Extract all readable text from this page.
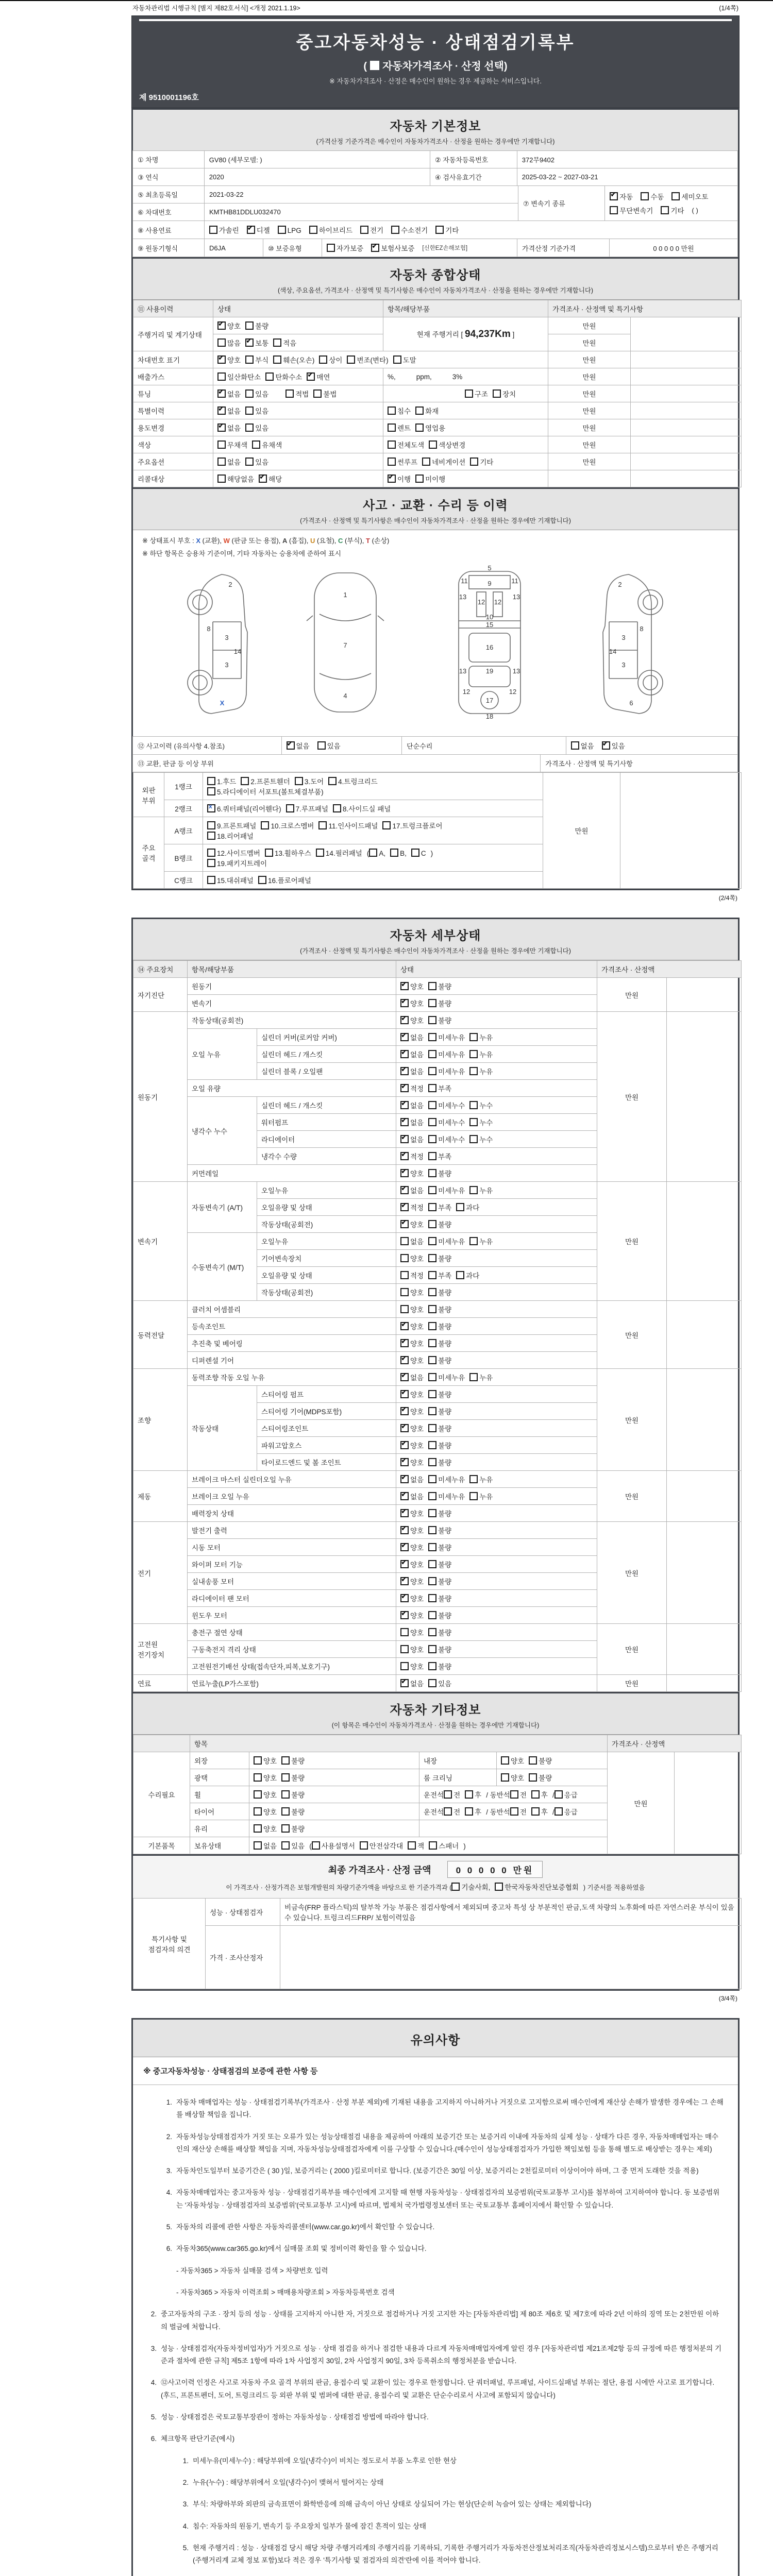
자동차관리법 시행규칙 [별지 제82호서식] <개정 2021.1.19>	(1/4쪽)
중고자동차성능 · 상태점검기록부
( 자동차가격조사 · 산정 선택)
※ 자동차가격조사 · 산정은 매수인이 원하는 경우 제공하는 서비스입니다.
제 9510001196호
자동차 기본정보
(가격산정 기준가격은 매수인이 자동차가격조사 · 산정을 원하는 경우에만 기재합니다)
① 차명	GV80 (세부모델: )	② 자동차등록번호	372무9402
③ 연식	2020	④ 검사유효기간	2025-03-22 ~ 2027-03-21
⑤ 최초등록일	2021-03-22
⑥ 차대번호	KMTHB81DDLU032470
⑦ 변속기 종류
✔자동	수동	세미오토

무단변속기	기타 ( )
⑧ 사용연료	가솔린 ✔	디젤	LPG	하이브리드	전기	수소전기	기타
⑨ 원동기형식	D6JA	⑩ 보증유형	자가보증 ✔	보험사보증 [신한EZ손해보험]	가격산정 기준가격	0 0 0 0 0 만원
자동차 종합상태
(색상, 주요옵션, 가격조사 · 산정액 및 특기사항은 매수인이 자동차가격조사 · 산정을 원하는 경우에만 기재합니다)
⑪ 사용이력	상태	항목/해당부품	가격조사 · 산정액 및 특기사항	
주행거리 및 계기상태	✔양호 불량	현재 주행거리 [ 94,237Km ]	만원	
	많음 ✔ 보통 적음		만원	
차대번호 표기	✔양호 부식 훼손(오손) 상이 변조(변타) 도말		만원	
배출가스	일산화탄소 탄화수소 ✔ 매연	%, ppm, 3%	만원	
튜닝	✔없음 있음 적법 불법	구조 장치	만원	
특별이력	✔없음 있음	침수 화재	만원	
용도변경	✔없음 있음	렌트 영업용	만원	
색상	무채색 유채색	전체도색 색상변경	만원	
주요옵션	없음 있음	썬루프 네비게이션 기타	만원	
리콜대상	해당없음 ✔ 해당	✔이행 미이행		
사고 · 교환 · 수리 등 이력
(가격조사 · 산정액 및 특기사항은 매수인이 자동차가격조사 · 산정을 원하는 경우에만 기재합니다)
※ 상태표시 부호 : X (교환), W (판금 또는 용접), A (흠집), U (요철), C (부식), T (손상)
※ 하단 항목은 승용차 기준이며, 기타 자동차는 승용차에 준하여 표시
2
8
3
14
3
X
1
7
4
5
11	9	11
13
12 12
13
10
15
16
13	19	13
12
17
12
18
2
3
8
14
3
6
⑫ 사고이력 (유의사항 4.참조) ✔	없음	있음	단순수리	없음 ✔	있음
⑬ 교환, 판금 등 이상 부위	가격조사 · 산정액 및 특기사항
외판
부위	1랭크	1.후드 2.프론트휀더 3.도어 4.트렁크리드
5.라디에이터 서포트(볼트체결부품)	만원	
	2랭크	x6.쿼터패널(리어휀다) 7.루프패널 8.사이드실 패널
주요
골격	A랭크	9.프론트패널 10.크로스멤버 11.인사이드패널 17.트렁크플로어
18.리어패널		
	B랭크	12.사이드멤버 13.휠하우스 14.필러패널 ( A, B, C )
19.패키지트레이		
	C랭크	15.대쉬패널 16.플로어패널		
(2/4쪽)
자동차 세부상태
(가격조사 · 산정액 및 특기사항은 매수인이 자동차가격조사 · 산정을 원하는 경우에만 기재합니다)
⑭ 주요장치	항목/해당부품		상태	가격조사 · 산정액	
자기진단	원동기	✔양호 불량	만원	
	변속기	✔양호 불량
원동기	작동상태(공회전)	✔양호 불량	만원	
	오일 누유	실린더 커버(로커암 커버)	✔없음 미세누유 누유
		실린더 헤드 / 개스킷	✔없음 미세누유 누유
		실린더 블록 / 오일팬	✔없음 미세누유 누유
	오일 유량	✔적정 부족
	냉각수 누수	실린더 헤드 / 개스킷	✔없음 미세누수 누수
		워터펌프	✔없음 미세누수 누수
		라디에이터	✔없음 미세누수 누수
		냉각수 수량	✔적정 부족
	커먼레일	✔양호 불량
변속기	자동변속기 (A/T)	오일누유	✔없음 미세누유 누유	만원	
		오일유량 및 상태	✔적정 부족 과다
		작동상태(공회전)	✔양호 불량
	수동변속기 (M/T)	오일누유	없음 미세누유 누유		
		기어변속장치	양호 불량		
		오일유량 및 상태	적정 부족 과다		
		작동상태(공회전)	양호 불량		
동력전달	클러치 어셈블리		양호 불량	만원	
	등속조인트	✔양호 불량
	추진축 및 베어링	✔양호 불량
	디퍼렌셜 기어	✔양호 불량
조향	동력조향 작동 오일 누유	✔없음 미세누유 누유	만원	
	작동상태	스티어링 펌프	✔양호 불량
		스티어링 기어(MDPS포함)	✔양호 불량
		스티어링조인트	✔양호 불량
		파워고압호스	✔양호 불량
		타이로드엔드 및 볼 조인트	✔양호 불량
제동	브레이크 마스터 실린더오일 누유	✔없음 미세누유 누유	만원	
	브레이크 오일 누유	✔없음 미세누유 누유
	배력장치 상태	✔양호 불량
전기	발전기 출력	✔양호 불량	만원	
	시동 모터	✔양호 불량
	와이퍼 모터 기능	✔양호 불량
	실내송풍 모터	✔양호 불량
	라디에이터 팬 모터	✔양호 불량
	윈도우 모터	✔양호 불량
고전원 전기장치	충전구 절연 상태		양호 불량	만원	
	구동축전지 격리 상태		양호 불량		
	고전원전기배선 상태(접속단자,피복,보호기구)		양호 불량		
연료	연료누출(LP가스포함)	✔없음 있음	만원	
자동차 기타정보
(이 항목은 매수인이 자동차가격조사 · 산정을 원하는 경우에만 기재합니다)
	항목				가격조사 · 산정액	
수리필요	외장	양호 불량	내장	양호 불량	만원	
	광택	양호 불량	룸 크리닝	양호 불량		
	휠	양호 불량	운전석 전 후 / 동반석 전 후 / 응급			
	타이어	양호 불량	운전석 전 후 / 동반석 전 후 / 응급			
	유리	양호 불량				
기본품목	보유상태	없음 있음 ( 사용설명서 안전삼각대 잭 스패너 )				
최종 가격조사 · 산정 금액	0 0 0 0 0 만원
이 가격조사 · 산정가격은 보험개발원의 차량기준가액을 바탕으로 한 기준가격과 ( 기술사회, 한국자동차진단보증협회 ) 기준서를 적용하였음
특기사항 및 점검자의 의견	성능 · 상태점검자	비금속(FRP 플라스틱)의 탈부착 가능 부품은 점검사항에서 제외되며 중고차 특성 상 부분적인 판금,도색 차량의 노후화에 따른 자연스러운 부식이 있을 수 있습니다. 트렁크리드FRP/ 보험이력있음
	가격 · 조사산정자	
(3/4쪽)
유의사항
※ 중고자동차성능 · 상태점검의 보증에 관한 사항 등
1. 자동차 매매업자는 성능 · 상태점검기록부(가격조사 · 산정 부분 제외)에 기재된 내용을 고지하지 아니하거나 거짓으로 고지함으로써 매수인에게 재산상 손해가 발생한 경우에는 그 손해를 배상할 책임을 집니다.
2. 자동차성능상태점검자가 거짓 또는 오류가 있는 성능상태점검 내용을 제공하여 아래의 보증기간 또는 보증거리 이내에 자동차의 실제 성능 · 상태가 다른 경우, 자동차매매업자는 매수인의 재산상 손해를 배상할 책임을 지며, 자동차성능상태점검자에게 이를 구상할 수 있습니다.(매수인이 성능상태점검자가 가입한 책임보험 등을 통해 별도로 배상받는 경우는 제외)
3. 자동차인도일부터 보증기간은 ( 30 )일, 보증거리는 ( 2000 )킬로미터로 합니다. (보증기간은 30일 이상, 보증거리는 2천킬로미터 이상이어야 하며, 그 중 먼저 도래한 것을 적용)
4. 자동차매매업자는 중고자동차 성능 · 상태점검기록부를 매수인에게 고지할 때 현행 자동차성능 · 상태점검자의 보증범위(국토교통부 고시)를 첨부하여 고지하여야 합니다. 동 보증범위는 '자동차성능 · 상태점검자의 보증범위'(국토교통부 고시)에 따르며, 법제처 국가법령정보센터 또는 국토교통부 홈페이지에서 확인할 수 있습니다.
5. 자동차의 리콜에 관한 사항은 자동차리콜센터(www.car.go.kr)에서 확인할 수 있습니다.
6. 자동차365(www.car365.go.kr)에서 실매물 조회 및 정비이력 확인을 할 수 있습니다.
- 자동차365 > 자동차 실매물 검색 > 차량번호 입력
- 자동차365 > 자동차 이력조회 > 매매용차량조회 > 자동차등록번호 검색
2. 중고자동차의 구조 · 장치 등의 성능 · 상태를 고지하지 아니한 자, 거짓으로 점검하거나 거짓 고지한 자는 [자동차관리법] 제 80조 제6호 및 제7호에 따라 2년 이하의 징역 또는 2천만원 이하의 벌금에 처합니다.
3. 성능 · 상태점검자(자동차정비업자)가 거짓으로 성능 · 상태 점검을 하거나 점검한 내용과 다르게 자동차매매업자에게 알린 경우 [자동차관리법 제21조제2항 등의 규정에 따른 행정처분의 기준과 절차에 관한 규칙] 제5조 1항에 따라 1차 사업정지 30일, 2차 사업정지 90일, 3차 등록취소의 행정처분을 받습니다.
4. ⑫사고이력 인정은 사고로 자동차 주요 골격 부위의 판금, 용접수리 및 교환이 있는 경우로 한정합니다. 단 쿼터패널, 루프패널, 사이드실패널 부위는 절단, 용접 시에만 사고로 표기합니다. (후드, 프론트펜더, 도어, 트렁크리드 등 외판 부위 및 범퍼에 대한 판금, 용접수리 및 교환은 단순수리로서 사고에 포함되지 않습니다)
5. 성능 · 상태점검은 국토교통부장관이 정하는 자동차성능 · 상태점검 방법에 따라야 합니다.
6. 체크항목 판단기준(예시)
1. 미세누유(미세누수) : 해당부위에 오일(냉각수)이 비치는 정도로서 부품 노후로 인한 현상
2. 누유(누수) : 해당부위에서 오일(냉각수)이 맺혀서 떨어지는 상태
3. 부식: 차량하부와 외판의 금속표면이 화학반응에 의해 금속이 아닌 상태로 상실되어 가는 현상(단순히 녹슬어 있는 상태는 제외합니다)
4. 침수: 자동차의 원동기, 변속기 등 주요장치 일부가 물에 잠긴 흔적이 있는 상태
5. 현재 주행거리 : 성능 · 상태점검 당시 해당 차량 주행거리계의 주행거리를 기록하되, 기록한 주행거리가 자동차전산정보처리조직(자동차관리정보시스템)으로부터 받은 주행거리(주행거리계 교체 정보 포함)보다 적은 경우 '특기사항 및 점검자의 의견'란에 이를 적어야 합니다.
